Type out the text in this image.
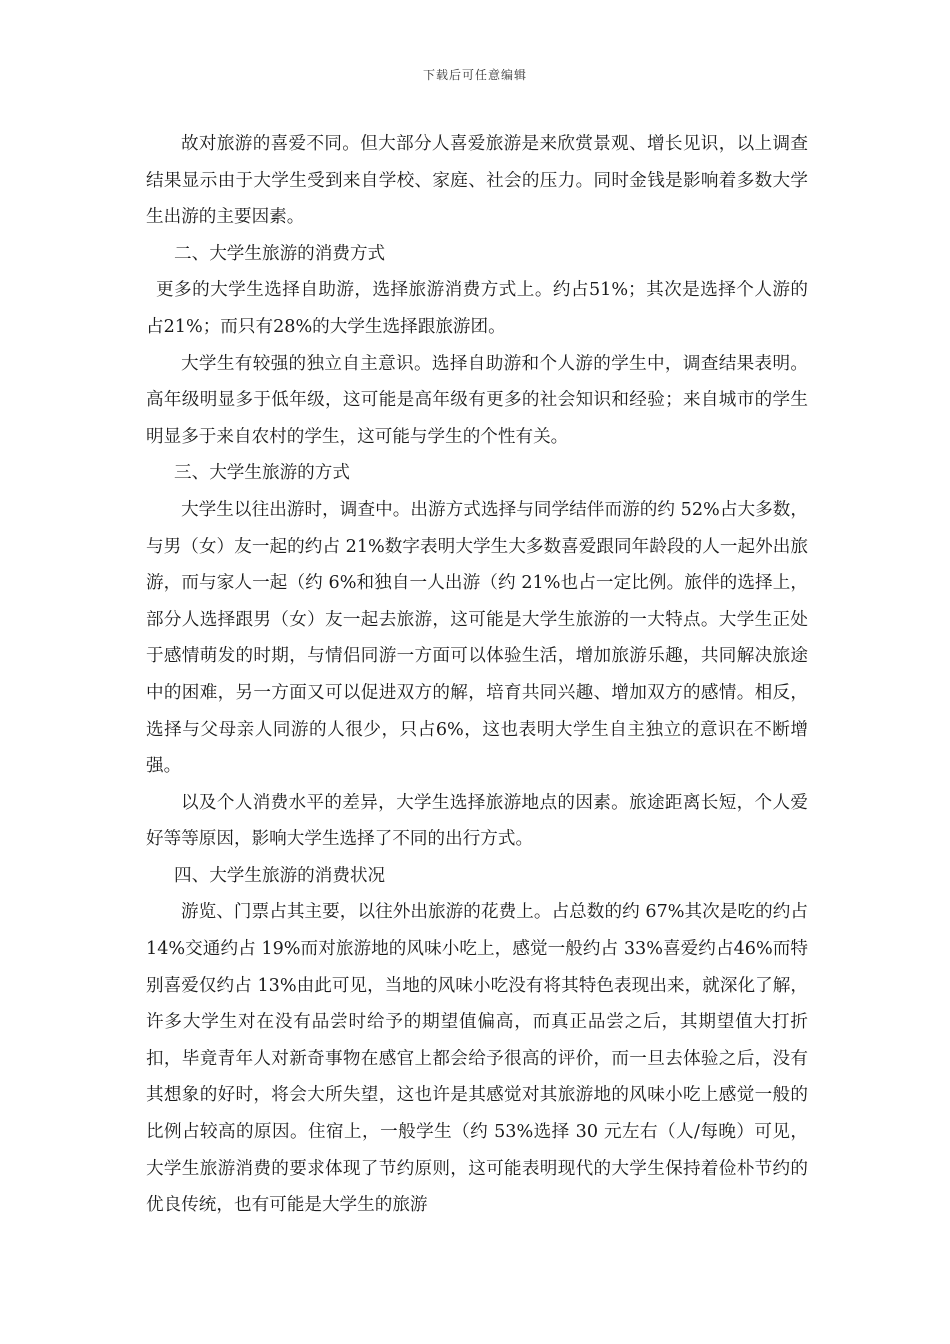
下载后可任意编辑

故对旅游的喜爱不同。但大部分人喜爱旅游是来欣赏景观、增长见识，以上调查结果显示由于大学生受到来自学校、家庭、社会的压力。同时金钱是影响着多数大学生出游的主要因素。

二、大学生旅游的消费方式

更多的大学生选择自助游，选择旅游消费方式上。约占51%；其次是选择个人游的占21%；而只有28%的大学生选择跟旅游团。

大学生有较强的独立自主意识。选择自助游和个人游的学生中，调查结果表明。高年级明显多于低年级，这可能是高年级有更多的社会知识和经验；来自城市的学生明显多于来自农村的学生，这可能与学生的个性有关。

三、大学生旅游的方式

大学生以往出游时，调查中。出游方式选择与同学结伴而游的约 52%占大多数，与男（女）友一起的约占 21%数字表明大学生大多数喜爱跟同年龄段的人一起外出旅游，而与家人一起（约 6%和独自一人出游（约 21%也占一定比例。旅伴的选择上，部分人选择跟男（女）友一起去旅游，这可能是大学生旅游的一大特点。大学生正处于感情萌发的时期，与情侣同游一方面可以体验生活，增加旅游乐趣，共同解决旅途中的困难，另一方面又可以促进双方的解，培育共同兴趣、增加双方的感情。相反，选择与父母亲人同游的人很少，只占6%，这也表明大学生自主独立的意识在不断增强。

以及个人消费水平的差异，大学生选择旅游地点的因素。旅途距离长短，个人爱好等等原因，影响大学生选择了不同的出行方式。

四、大学生旅游的消费状况

游览、门票占其主要，以往外出旅游的花费上。占总数的约 67%其次是吃的约占 14%交通约占 19%而对旅游地的风味小吃上，感觉一般约占 33%喜爱约占46%而特别喜爱仅约占 13%由此可见，当地的风味小吃没有将其特色表现出来，就深化了解，许多大学生对在没有品尝时给予的期望值偏高，而真正品尝之后，其期望值大打折扣，毕竟青年人对新奇事物在感官上都会给予很高的评价，而一旦去体验之后，没有其想象的好时，将会大所失望，这也许是其感觉对其旅游地的风味小吃上感觉一般的比例占较高的原因。住宿上，一般学生（约 53%选择 30 元左右（人/每晚）可见，大学生旅游消费的要求体现了节约原则，这可能表明现代的大学生保持着俭朴节约的优良传统，也有可能是大学生的旅游
